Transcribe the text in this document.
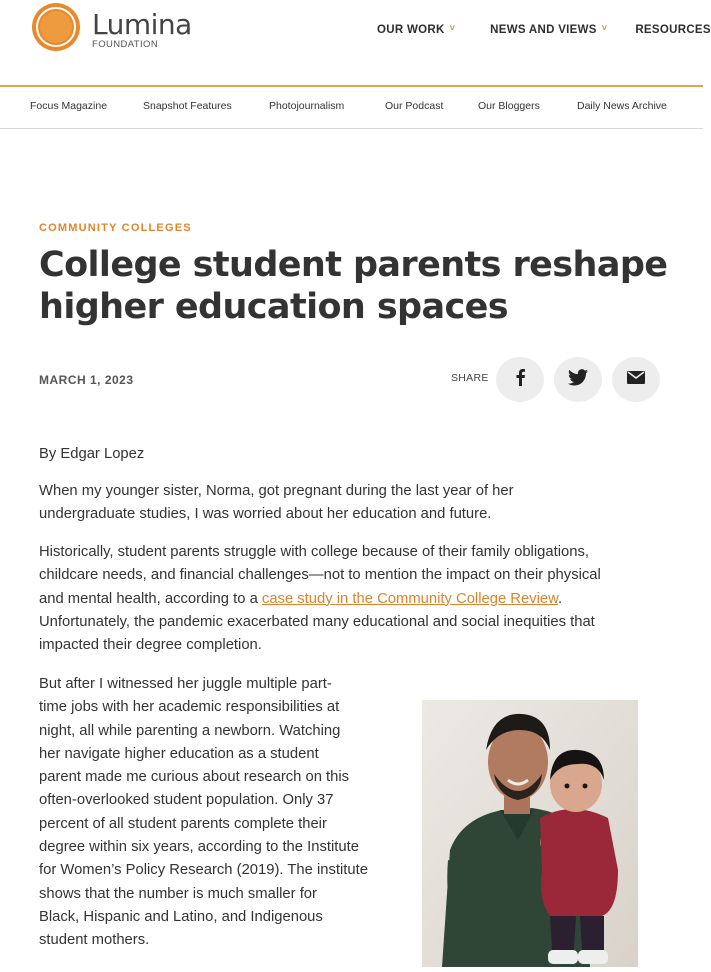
Lumina
FOUNDATION
OUR WORK ˅	NEWS AND VIEWS ˅ RESOURCES
Focus Magazine	Snapshot Features	Photojournalism	Our Podcast	Our Bloggers	Daily News Archive
COMMUNITY COLLEGES
College student parents reshape
higher education spaces
MARCH 1, 2023	SHARE

By Edgar Lopez

When my younger sister, Norma, got pregnant during the last year of her
undergraduate studies, I was worried about her education and future.

Historically, student parents struggle with college because of their family obligations,
childcare needs, and financial challenges—not to mention the impact on their physical
and mental health, according to a case study in the Community College Review.
Unfortunately, the pandemic exacerbated many educational and social inequities that
impacted their degree completion.

But after I witnessed her juggle multiple part-
time jobs with her academic responsibilities at
night, all while parenting a newborn. Watching
her navigate higher education as a student
parent made me curious about research on this
often-overlooked student population. Only 37
percent of all student parents complete their
degree within six years, according to the Institute
for Women’s Policy Research (2019). The institute
shows that the number is much smaller for
Black, Hispanic and Latino, and Indigenous
student mothers.
